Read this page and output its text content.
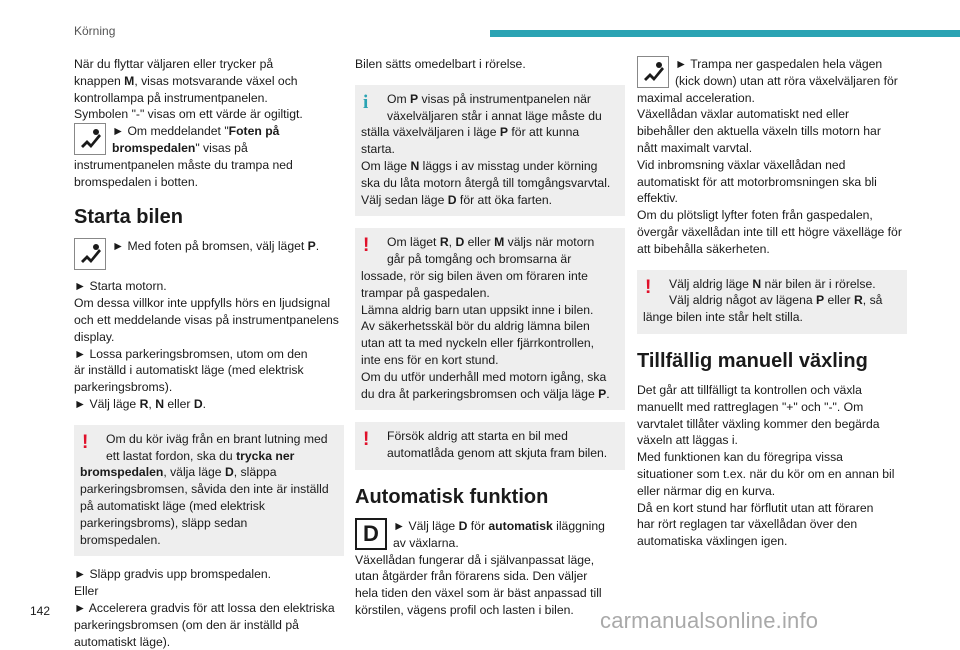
Körning

När du flyttar väljaren eller trycker på

knappen M, visas motsvarande växel och

kontrollampa på instrumentpanelen.

Symbolen "-" visas om ett värde är ogiltigt.

► Om meddelandet "Foten på

bromspedalen" visas på

instrumentpanelen måste du trampa ned

bromspedalen i botten.

Starta bilen

► Med foten på bromsen, välj läget P.

► Starta motorn.

Om dessa villkor inte uppfylls hörs en ljudsignal

och ett meddelande visas på instrumentpanelens

display.

► Lossa parkeringsbromsen, utom om den

är inställd i automatiskt läge (med elektrisk

parkeringsbroms).

► Välj läge R, N eller D.

!	Om du kör iväg från en brant lutning med

ett lastat fordon, ska du trycka ner

bromspedalen, välja läge D, släppa

parkeringsbromsen, såvida den inte är inställd

på automatiskt läge (med elektrisk

parkeringsbroms), släpp sedan

bromspedalen.

► Släpp gradvis upp bromspedalen.

Eller

► Accelerera gradvis för att lossa den elektriska

parkeringsbromsen (om den är inställd på

automatiskt läge).

Bilen sätts omedelbart i rörelse.

i	Om P visas på instrumentpanelen när

växelväljaren står i annat läge måste du

ställa växelväljaren i läge P för att kunna

starta.

Om läge N läggs i av misstag under körning

ska du låta motorn återgå till tomgångsvarvtal.

Välj sedan läge D för att öka farten.

!	Om läget R, D eller M väljs när motorn

går på tomgång och bromsarna är

lossade, rör sig bilen även om föraren inte

trampar på gaspedalen.

Lämna aldrig barn utan uppsikt inne i bilen.

Av säkerhetsskäl bör du aldrig lämna bilen

utan att ta med nyckeln eller fjärrkontrollen,

inte ens för en kort stund.

Om du utför underhåll med motorn igång, ska

du dra åt parkeringsbromsen och välja läge P.

!	Försök aldrig att starta en bil med

automatlåda genom att skjuta fram bilen.

Automatisk funktion
D	► Välj läge D för automatisk iläggning

av växlarna.

Växellådan fungerar då i självanpassat läge,

utan åtgärder från förarens sida. Den väljer

hela tiden den växel som är bäst anpassad till

körstilen, vägens profil och lasten i bilen.

► Trampa ner gaspedalen hela vägen

(kick down) utan att röra växelväljaren för

maximal acceleration.

Växellådan växlar automatiskt ned eller

bibehåller den aktuella växeln tills motorn har

nått maximalt varvtal.

Vid inbromsning växlar växellådan ned

automatiskt för att motorbromsningen ska bli

effektiv.

Om du plötsligt lyfter foten från gaspedalen,

övergår växellådan inte till ett högre växelläge för

att bibehålla säkerheten.

!	Välj aldrig läge N när bilen är i rörelse.

Välj aldrig något av lägena P eller R, så

länge bilen inte står helt stilla.

Tillfällig manuell växling

Det går att tillfälligt ta kontrollen och växla

manuellt med rattreglagen "+" och "-". Om

varvtalet tillåter växling kommer den begärda

växeln att läggas i.

Med funktionen kan du föregripa vissa

situationer som t.ex. när du kör om en annan bil

eller närmar dig en kurva.

Då en kort stund har förflutit utan att föraren

har rört reglagen tar växellådan över den

automatiska växlingen igen.

142	carmanualsonline.info
